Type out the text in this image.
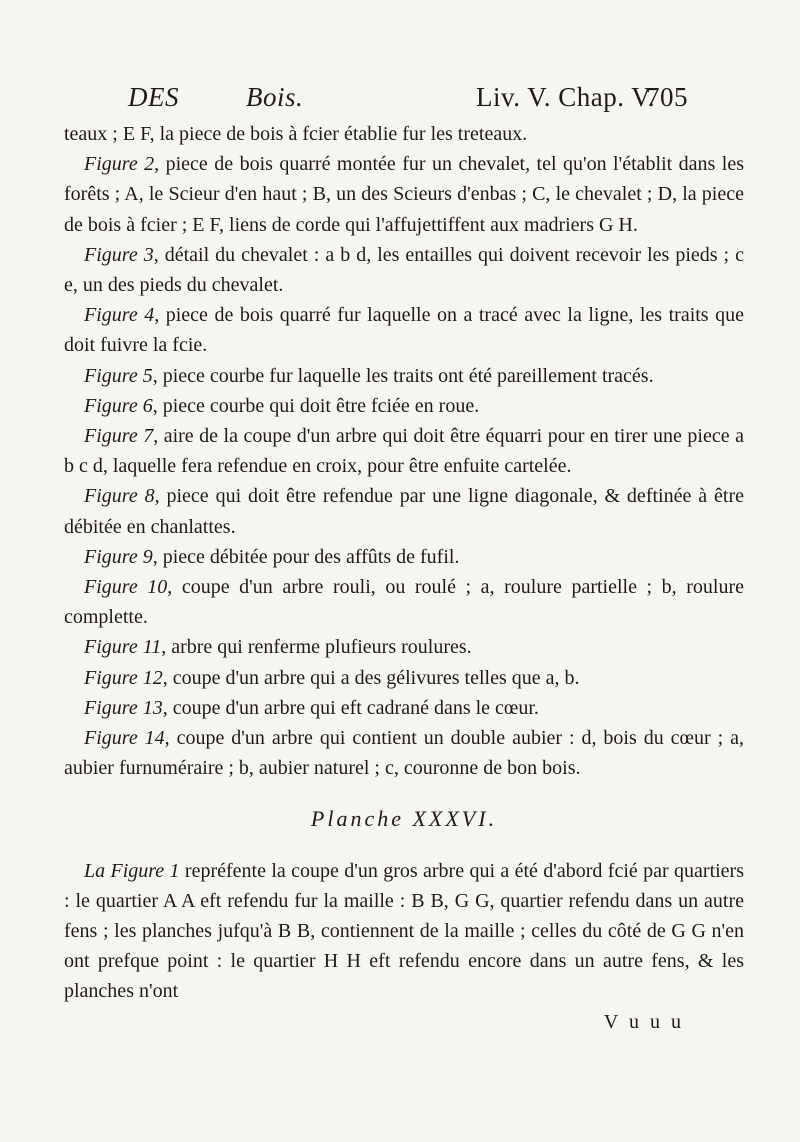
DES Bois.	Liv. V. Chap. V.
705

teaux ; E F, la piece de bois à fcier établie fur les treteaux.

Figure 2, piece de bois quarré montée fur un chevalet, tel qu'on l'établit dans les forêts ; A, le Scieur d'en haut ; B, un des Scieurs d'enbas ; C, le chevalet ; D, la piece de bois à fcier ; E F, liens de corde qui l'affujettiffent aux madriers G H.

Figure 3, détail du chevalet : a b d, les entailles qui doivent recevoir les pieds ; c e, un des pieds du chevalet.

Figure 4, piece de bois quarré fur laquelle on a tracé avec la ligne, les traits que doit fuivre la fcie.

Figure 5, piece courbe fur laquelle les traits ont été pareillement tracés.

Figure 6, piece courbe qui doit être fciée en roue.

Figure 7, aire de la coupe d'un arbre qui doit être équarri pour en tirer une piece a b c d, laquelle fera refendue en croix, pour être enfuite cartelée.

Figure 8, piece qui doit être refendue par une ligne diagonale, & deftinée à être débitée en chanlattes.

Figure 9, piece débitée pour des affûts de fufil.

Figure 10, coupe d'un arbre rouli, ou roulé ; a, roulure partielle ; b, roulure complette.

Figure 11, arbre qui renferme plufieurs roulures.

Figure 12, coupe d'un arbre qui a des gélivures telles que a, b.

Figure 13, coupe d'un arbre qui eft cadrané dans le cœur.

Figure 14, coupe d'un arbre qui contient un double aubier : d, bois du cœur ; a, aubier furnuméraire ; b, aubier naturel ; c, couronne de bon bois.

Planche XXXVI.

La Figure 1 repréfente la coupe d'un gros arbre qui a été d'abord fcié par quartiers : le quartier A A eft refendu fur la maille : B B, G G, quartier refendu dans un autre fens ; les planches jufqu'à B B, contiennent de la maille ; celles du côté de G G n'en ont prefque point : le quartier H H eft refendu encore dans un autre fens, & les planches n'ont

V u u u
